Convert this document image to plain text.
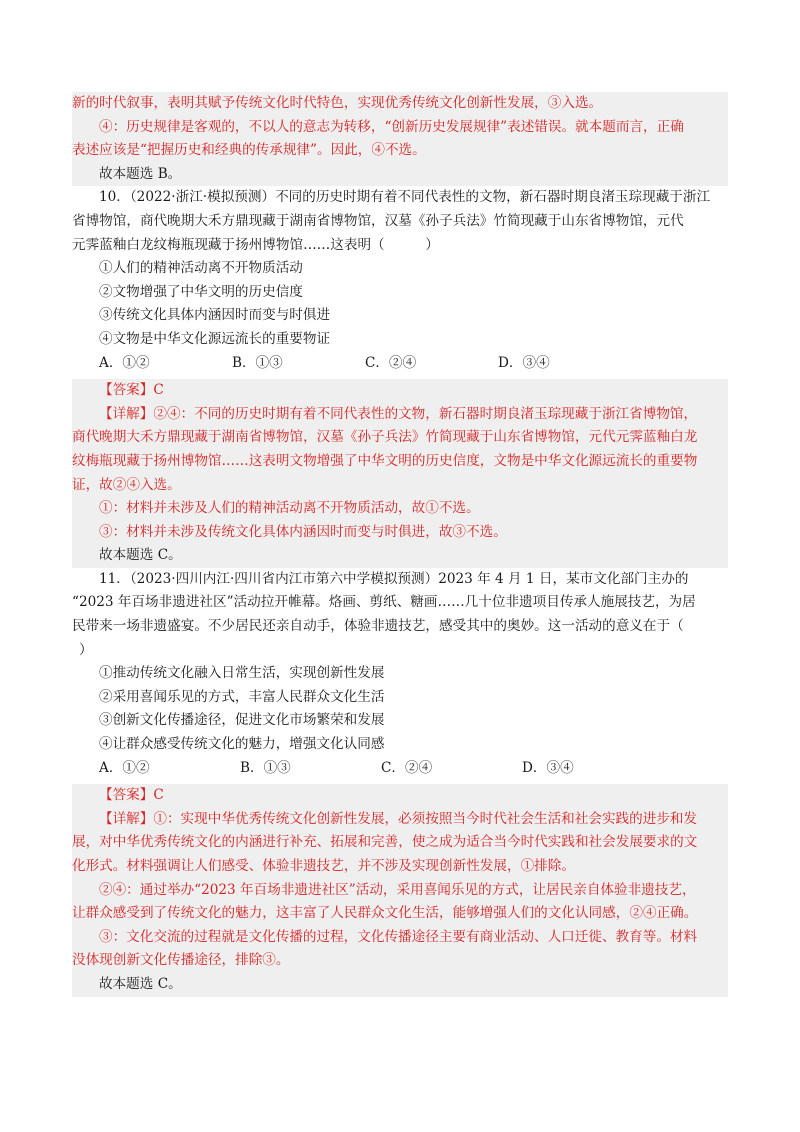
新的时代叙事，表明其赋予传统文化时代特色，实现优秀传统文化创新性发展，③入选。
④：历史规律是客观的，不以人的意志为转移，“创新历史发展规律”表述错误。就本题而言，正确
表述应该是“把握历史和经典的传承规律”。因此，④不选。
故本题选 B。
10．（2022·浙江·模拟预测）不同的历史时期有着不同代表性的文物，新石器时期良渚玉琮现藏于浙江
省博物馆，商代晚期大禾方鼎现藏于湖南省博物馆，汉墓《孙子兵法》竹简现藏于山东省博物馆，元代
元霁蓝釉白龙纹梅瓶现藏于扬州博物馆……这表明（　　　）
①人们的精神活动离不开物质活动
②文物增强了中华文明的历史信度
③传统文化具体内涵因时而变与时俱进
④文物是中华文化源远流长的重要物证
A．①②	B．①③	C．②④	D．③④
【答案】C
【详解】②④：不同的历史时期有着不同代表性的文物，新石器时期良渚玉琮现藏于浙江省博物馆，
商代晚期大禾方鼎现藏于湖南省博物馆，汉墓《孙子兵法》竹简现藏于山东省博物馆，元代元霁蓝釉白龙
纹梅瓶现藏于扬州博物馆……这表明文物增强了中华文明的历史信度，文物是中华文化源远流长的重要物
证，故②④入选。
①：材料并未涉及人们的精神活动离不开物质活动，故①不选。
③：材料并未涉及传统文化具体内涵因时而变与时俱进，故③不选。
故本题选 C。
11．（2023·四川内江·四川省内江市第六中学模拟预测）2023 年 4 月 1 日，某市文化部门主办的
“2023 年百场非遗进社区”活动拉开帷幕。烙画、剪纸、糖画……几十位非遗项目传承人施展技艺，为居
民带来一场非遗盛宴。不少居民还亲自动手，体验非遗技艺，感受其中的奥妙。这一活动的意义在于（
）
①推动传统文化融入日常生活，实现创新性发展
②采用喜闻乐见的方式，丰富人民群众文化生活
③创新文化传播途径，促进文化市场繁荣和发展
④让群众感受传统文化的魅力，增强文化认同感
A．①②	B．①③	C．②④	D．③④
【答案】C
【详解】①：实现中华优秀传统文化创新性发展，必须按照当今时代社会生活和社会实践的进步和发
展，对中华优秀传统文化的内涵进行补充、拓展和完善，使之成为适合当今时代实践和社会发展要求的文
化形式。材料强调让人们感受、体验非遗技艺，并不涉及实现创新性发展，①排除。
②④：通过举办“2023 年百场非遗进社区”活动，采用喜闻乐见的方式，让居民亲自体验非遗技艺，
让群众感受到了传统文化的魅力，这丰富了人民群众文化生活，能够增强人们的文化认同感，②④正确。
③：文化交流的过程就是文化传播的过程，文化传播途径主要有商业活动、人口迁徙、教育等。材料
没体现创新文化传播途径，排除③。
故本题选 C。
